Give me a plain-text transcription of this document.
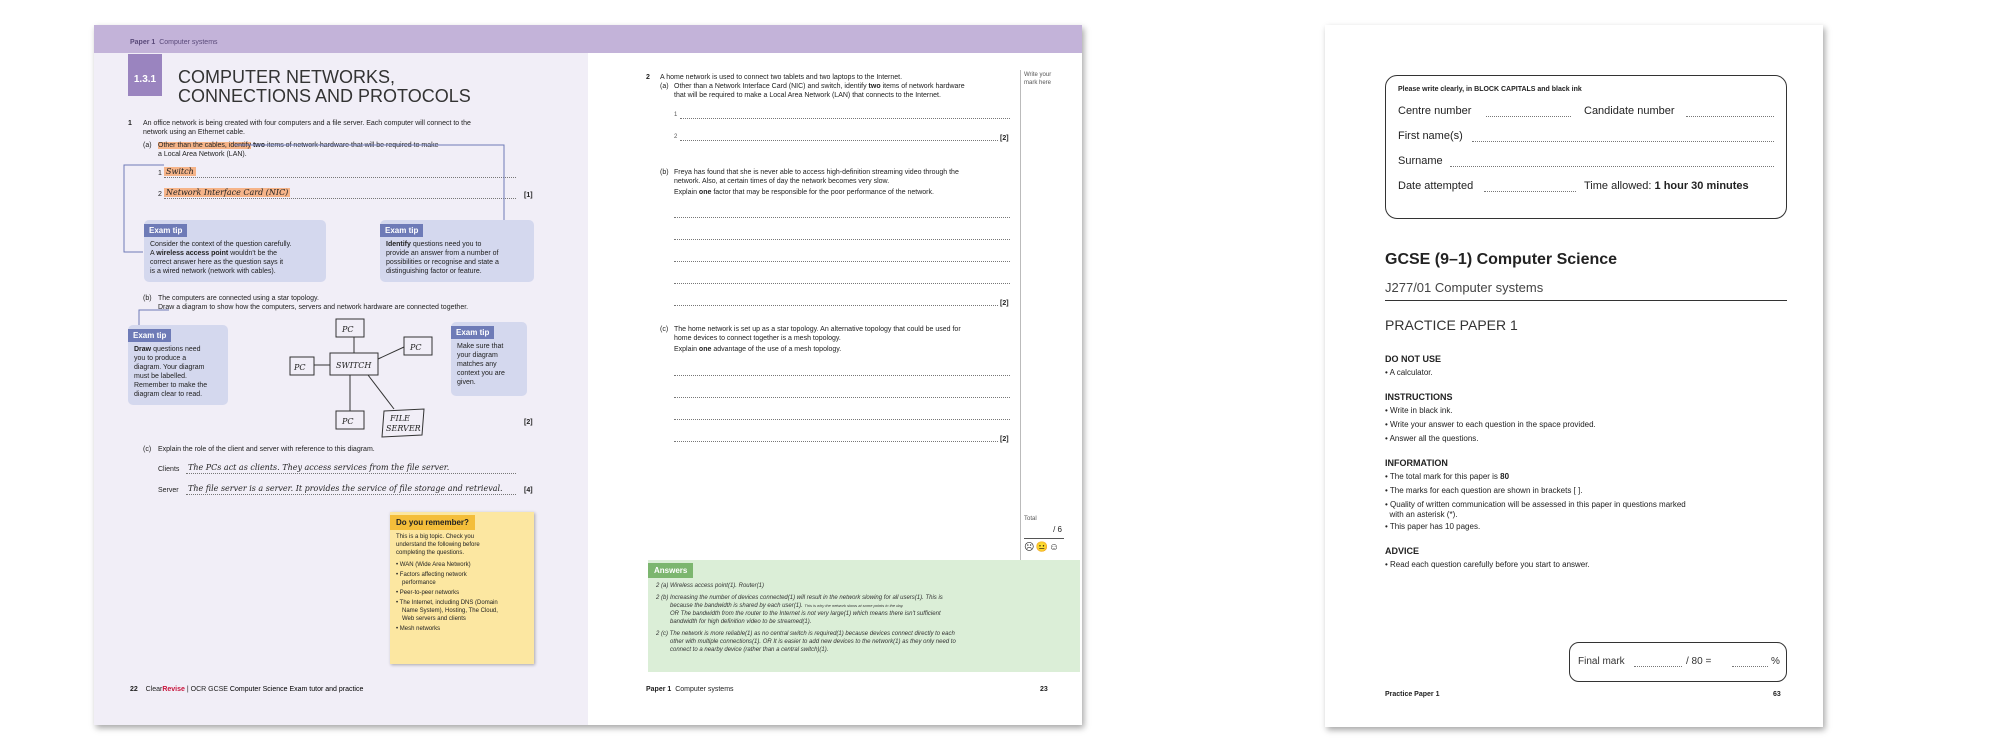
Paper 1 Computer systems
1.3.1	COMPUTER NETWORKS,
CONNECTIONS AND PROTOCOLS
1 An office network is being created with four computers and a file server. Each computer will connect to the
network using an Ethernet cable.
(a) Other than the cables, identify two items of network hardware that will be required to make
a Local Area Network (LAN).
1 Switch
2 Network Interface Card (NIC)	[1]
Exam tip
Consider the context of the question carefully.
A wireless access point wouldn't be the
correct answer here as the question says it
is a wired network (network with cables).
Exam tip
Identify questions need you to
provide an answer from a number of
possibilities or recognise and state a
distinguishing factor or feature.
(b) The computers are connected using a star topology.
Draw a diagram to show how the computers, servers and network hardware are connected together.
Exam tip
Draw questions need
you to produce a
diagram. Your diagram
must be labelled.
Remember to make the
diagram clear to read.
Exam tip
Make sure that
your diagram
matches any
context you are
given.
PC
PC
PC	SWITCH
PC	FILE
SERVER
[2]
(c) Explain the role of the client and server with reference to this diagram.
Clients The PCs act as clients. They access services from the file server.
Server The file server is a server. It provides the service of file storage and retrieval.	[4]
Do you remember?
This is a big topic. Check you
understand the following before
completing the questions.
• WAN (Wide Area Network)
• Factors affecting network
performance
• Peer-to-peer networks
• The Internet, including DNS (Domain
Name System), Hosting, The Cloud,
Web servers and clients
• Mesh networks
22 ClearRevise | OCR GCSE Computer Science Exam tutor and practice
Write your
mark here
2 A home network is used to connect two tablets and two laptops to the Internet.
(a) Other than a Network Interface Card (NIC) and switch, identify two items of network hardware
that will be required to make a Local Area Network (LAN) that connects to the Internet.
1
2	[2]
(b) Freya has found that she is never able to access high-definition streaming video through the
network. Also, at certain times of day the network becomes very slow.
Explain one factor that may be responsible for the poor performance of the network.
[2]
(c) The home network is set up as a star topology. An alternative topology that could be used for
home devices to connect together is a mesh topology.
Explain one advantage of the use of a mesh topology.
[2]
Total
/ 6
☹😐☺
Answers
2 (a) Wireless access point(1). Router(1)
2 (b) Increasing the number of devices connected(1) will result in the network slowing for all users(1). This is
because the bandwidth is shared by each user(1). This is why the network slows at some points in the day.
OR The bandwidth from the router to the Internet is not very large(1) which means there isn't sufficient
bandwidth for high definition video to be streamed(1).
2 (c) The network is more reliable(1) as no central switch is required(1) because devices connect directly to each
other with multiple connections(1). OR It is easier to add new devices to the network(1) as they only need to
connect to a nearby device (rather than a central switch)(1).
Paper 1 Computer systems	23
Please write clearly, in BLOCK CAPITALS and black ink
Centre number	Candidate number
First name(s)
Surname
Date attempted	Time allowed: 1 hour 30 minutes
GCSE (9–1) Computer Science
J277/01 Computer systems
PRACTICE PAPER 1
DO NOT USE
• A calculator.
INSTRUCTIONS
• Write in black ink.
• Write your answer to each question in the space provided.
• Answer all the questions.
INFORMATION
• The total mark for this paper is 80
• The marks for each question are shown in brackets [ ].
• Quality of written communication will be assessed in this paper in questions marked
with an asterisk (*).
• This paper has 10 pages.
ADVICE
• Read each question carefully before you start to answer.
Final mark	/ 80 =	%
Practice Paper 1	63
